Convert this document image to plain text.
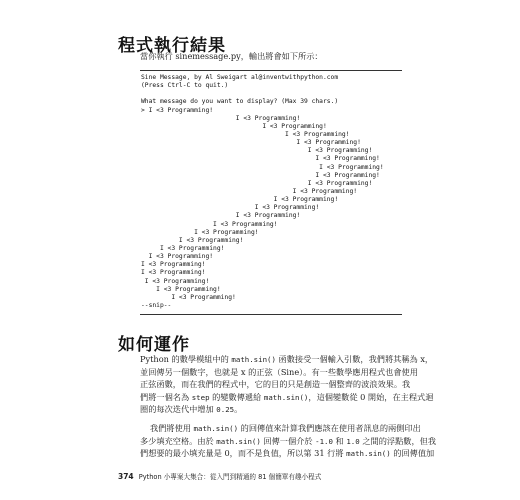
程式執行結果
當你執行 sinemessage.py，輸出將會如下所示：
Sine Message, by Al Sweigart al@inventwithpython.com
(Press Ctrl-C to quit.)
What message do you want to display? (Max 39 chars.)
> I <3 Programming!
I <3 Programming!
I <3 Programming!
I <3 Programming!
I <3 Programming!
I <3 Programming!
I <3 Programming!
I <3 Programming!
I <3 Programming!
I <3 Programming!
I <3 Programming!
I <3 Programming!
I <3 Programming!
I <3 Programming!
I <3 Programming!
I <3 Programming!
I <3 Programming!
I <3 Programming!
I <3 Programming!
I <3 Programming!
I <3 Programming!
I <3 Programming!
I <3 Programming!
I <3 Programming!
--snip--
如何運作
Python 的數學模組中的 math.sin() 函數接受一個輸入引數，我們將其稱為 x，
並回傳另一個數字，也就是 x 的正弦（Sine）。有一些數學應用程式也會使用
正弦函數，而在我們的程式中，它的目的只是創造一個整齊的波浪效果。我
們將一個名為 step 的變數傳遞給 math.sin()，這個變數從 0 開始，在主程式迴
圈的每次迭代中增加 0.25。
我們將使用 math.sin() 的回傳值來計算我們應該在使用者訊息的兩側印出
多少填充空格。由於 math.sin() 回傳一個介於 -1.0 和 1.0 之間的浮點數，但我
們想要的最小填充量是 0，而不是負值，所以第 31 行將 math.sin() 的回傳值加
374 Python 小專案大集合：從入門到精通的 81 個簡單有趣小程式
